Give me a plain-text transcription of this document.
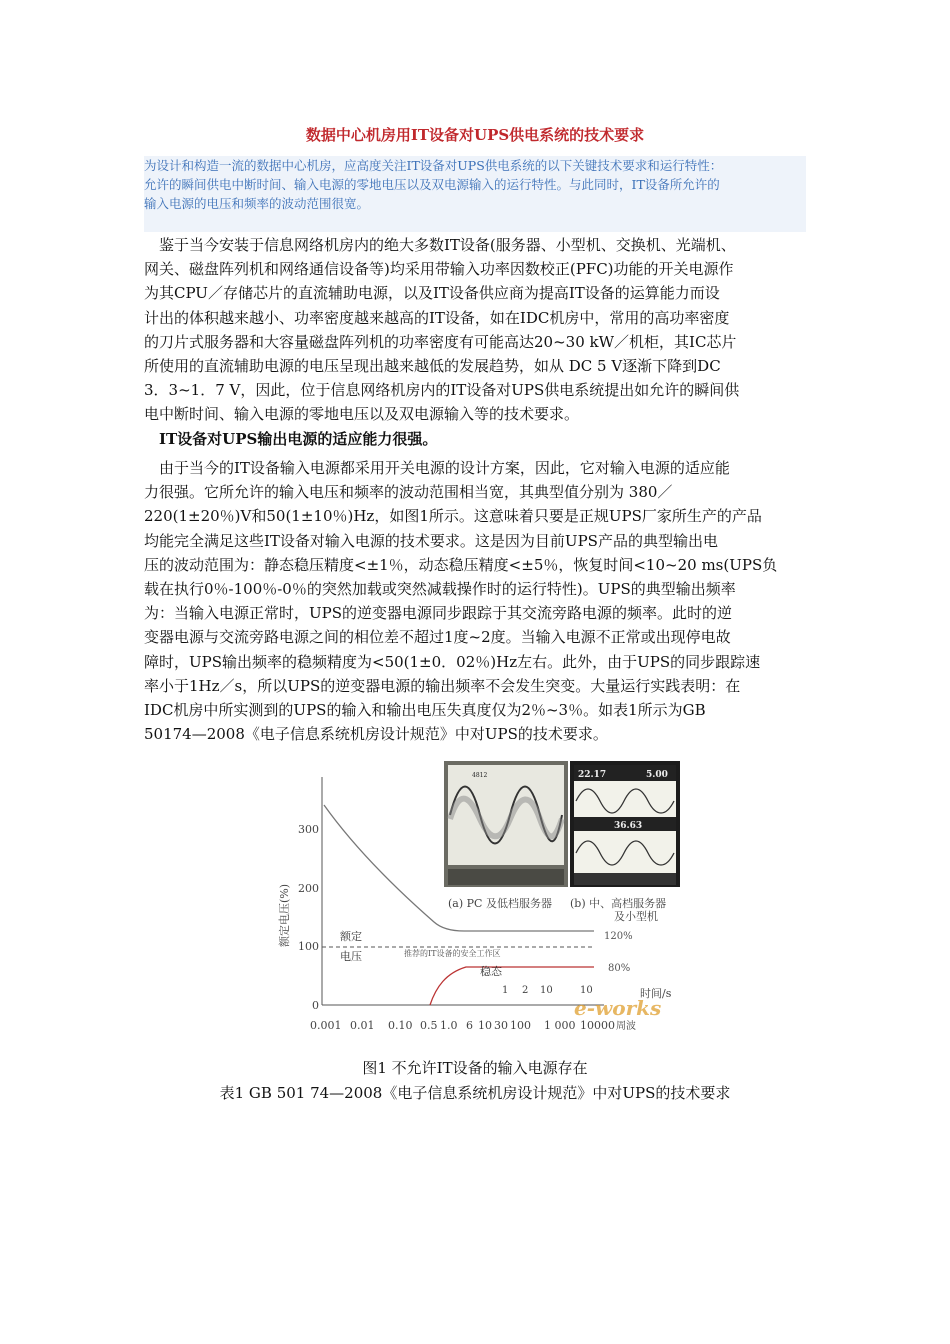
数据中心机房用IT设备对UPS供电系统的技术要求
为设计和构造一流的数据中心机房，应高度关注IT设备对UPS供电系统的以下关键技术要求和运行特性：
允许的瞬间供电中断时间、输入电源的零地电压以及双电源输入的运行特性。与此同时，IT设备所允许的
输入电源的电压和频率的波动范围很宽。
　鉴于当今安装于信息网络机房内的绝大多数IT设备(服务器、小型机、交换机、光端机、
网关、磁盘阵列机和网络通信设备等)均采用带输入功率因数校正(PFC)功能的开关电源作
为其CPU／存储芯片的直流辅助电源，以及IT设备供应商为提高IT设备的运算能力而设
计出的体积越来越小、功率密度越来越高的IT设备，如在IDC机房中，常用的高功率密度
的刀片式服务器和大容量磁盘阵列机的功率密度有可能高达20~30 kW／机柜，其IC芯片
所使用的直流辅助电源的电压呈现出越来越低的发展趋势，如从 DC 5 V逐渐下降到DC
3．3~1．7 V，因此，位于信息网络机房内的IT设备对UPS供电系统提出如允许的瞬间供
电中断时间、输入电源的零地电压以及双电源输入等的技术要求。
　IT设备对UPS输出电源的适应能力很强。
　由于当今的IT设备输入电源都采用开关电源的设计方案，因此，它对输入电源的适应能
力很强。它所允许的输入电压和频率的波动范围相当宽，其典型值分别为 380／
220(1±20％)V和50(1±10％)Hz，如图1所示。这意味着只要是正规UPS厂家所生产的产品
均能完全满足这些IT设备对输入电源的技术要求。这是因为目前UPS产品的典型输出电
压的波动范围为：静态稳压精度<±1％，动态稳压精度<±5％，恢复时间<10~20 ms(UPS负
载在执行0％-100％-0％的突然加载或突然减载操作时的运行特性)。UPS的典型输出频率
为：当输入电源正常时，UPS的逆变器电源同步跟踪于其交流旁路电源的频率。此时的逆
变器电源与交流旁路电源之间的相位差不超过1度~2度。当输入电源不正常或出现停电故
障时，UPS输出频率的稳频精度为<50(1±0．02％)Hz左右。此外，由于UPS的同步跟踪速
率小于1Hz／s，所以UPS的逆变器电源的输出频率不会发生突变。大量运行实践表明：在
IDC机房中所实测到的UPS的输入和输出电压失真度仅为2％~3％。如表1所示为GB
50174—2008《电子信息系统机房设计规范》中对UPS的技术要求。
4812	22.17	5.00
36.63
(a) PC 及低档服务器 (b) 中、高档服务器
及小型机
300
200
100
0
额定电压(%)	额定
电压	推荐的IT设备的安全工作区
稳态
120%
80%
1 2 10	10	时间/s
0.001 0.01 0.10 0.5 1.0 6 10 30 100 1 000 10000 周波
e-works
图1 不允许IT设备的输入电源存在
表1 GB 501 74—2008《电子信息系统机房设计规范》中对UPS的技术要求
